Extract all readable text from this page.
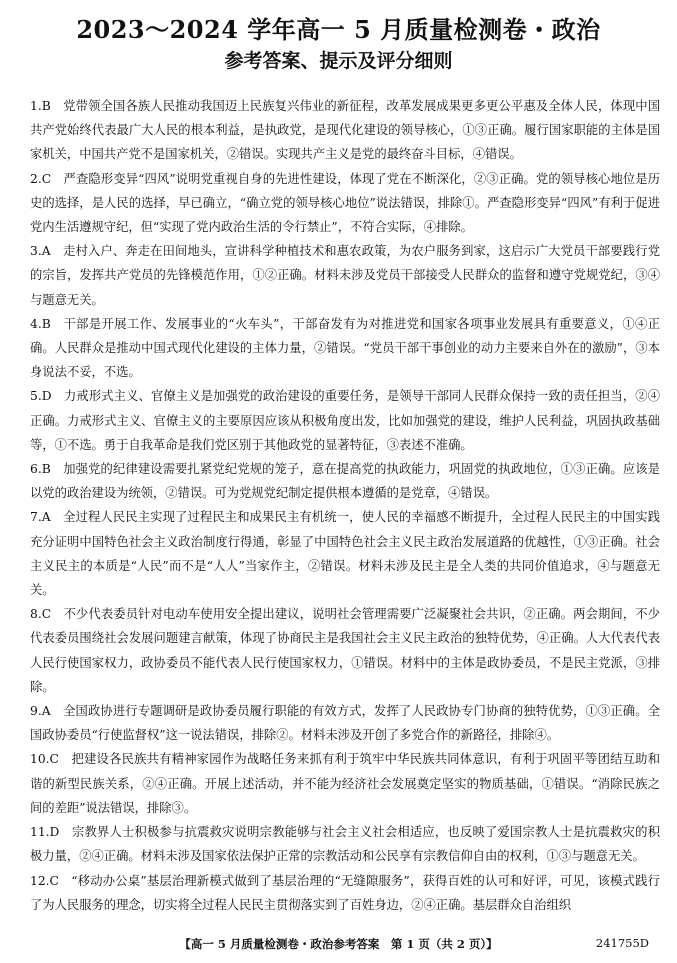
2023～2024 学年高一 5 月质量检测卷・政治
参考答案、提示及评分细则
1.B  党带领全国各族人民推动我国迈上民族复兴伟业的新征程，改革发展成果更多更公平惠及全体人民，体现中国共产党始终代表最广大人民的根本利益，是执政党，是现代化建设的领导核心，①③正确。履行国家职能的主体是国家机关，中国共产党不是国家机关，②错误。实现共产主义是党的最终奋斗目标，④错误。
2.C  严查隐形变异“四风”说明党重视自身的先进性建设，体现了党在不断深化，②③正确。党的领导核心地位是历史的选择，是人民的选择，早已确立，“确立党的领导核心地位”说法错误，排除①。严查隐形变异“四风”有利于促进党内生活遵规守纪，但“实现了党内政治生活的令行禁止”，不符合实际，④排除。
3.A  走村入户、奔走在田间地头，宣讲科学种植技术和惠农政策，为农户服务到家，这启示广大党员干部要践行党的宗旨，发挥共产党员的先锋模范作用，①②正确。材料未涉及党员干部接受人民群众的监督和遵守党规党纪，③④与题意无关。
4.B  干部是开展工作、发展事业的“火车头”，干部奋发有为对推进党和国家各项事业发展具有重要意义，①④正确。人民群众是推动中国式现代化建设的主体力量，②错误。“党员干部干事创业的动力主要来自外在的激励”，③本身说法不妥，不选。
5.D  力戒形式主义、官僚主义是加强党的政治建设的重要任务，是领导干部同人民群众保持一致的责任担当，②④正确。力戒形式主义、官僚主义的主要原因应该从积极角度出发，比如加强党的建设，维护人民利益，巩固执政基础等，①不选。勇于自我革命是我们党区别于其他政党的显著特征，③表述不准确。
6.B  加强党的纪律建设需要扎紧党纪党规的笼子，意在提高党的执政能力，巩固党的执政地位，①③正确。应该是以党的政治建设为统领，②错误。可为党规党纪制定提供根本遵循的是党章，④错误。
7.A  全过程人民民主实现了过程民主和成果民主有机统一，使人民的幸福感不断提升，全过程人民民主的中国实践充分证明中国特色社会主义政治制度行得通，彰显了中国特色社会主义民主政治发展道路的优越性，①③正确。社会主义民主的本质是“人民”而不是“人人”当家作主，②错误。材料未涉及民主是全人类的共同价值追求，④与题意无关。
8.C  不少代表委员针对电动车使用安全提出建议，说明社会管理需要广泛凝聚社会共识，②正确。两会期间，不少代表委员围绕社会发展问题建言献策，体现了协商民主是我国社会主义民主政治的独特优势，④正确。人大代表代表人民行使国家权力，政协委员不能代表人民行使国家权力，①错误。材料中的主体是政协委员，不是民主党派，③排除。
9.A  全国政协进行专题调研是政协委员履行职能的有效方式，发挥了人民政协专门协商的独特优势，①③正确。全国政协委员“行使监督权”这一说法错误，排除②。材料未涉及开创了多党合作的新路径，排除④。
10.C  把建设各民族共有精神家园作为战略任务来抓有利于筑牢中华民族共同体意识，有利于巩固平等团结互助和谐的新型民族关系，②④正确。开展上述活动，并不能为经济社会发展奠定坚实的物质基础，①错误。“消除民族之间的差距”说法错误，排除③。
11.D  宗教界人士积极参与抗震救灾说明宗教能够与社会主义社会相适应，也反映了爱国宗教人士是抗震救灾的积极力量，②④正确。材料未涉及国家依法保护正常的宗教活动和公民享有宗教信仰自由的权利，①③与题意无关。
12.C  “移动办公桌”基层治理新模式做到了基层治理的“无缝隙服务”，获得百姓的认可和好评，可见，该模式践行了为人民服务的理念，切实将全过程人民民主贯彻落实到了百姓身边，②④正确。基层群众自治组织
【高一 5 月质量检测卷・政治参考答案　第 1 页（共 2 页）】	241755D
